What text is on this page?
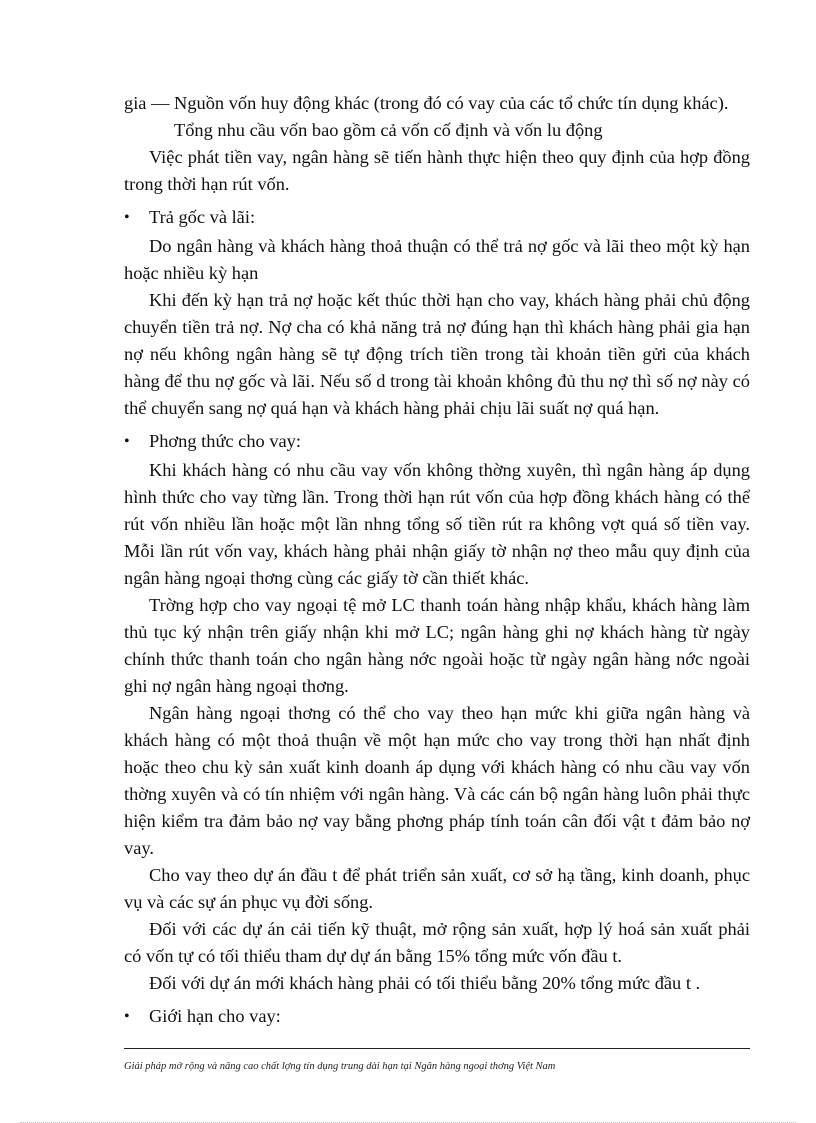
gia — Nguồn vốn huy động khác (trong đó có vay của các tổ chức tín dụng khác).

Tổng nhu cầu vốn bao gồm cả vốn cố định và vốn lu động

Việc phát tiền vay, ngân hàng sẽ tiến hành thực hiện theo quy định của hợp đồng trong thời hạn rút vốn.

•	Trả gốc và lãi:

Do ngân hàng và khách hàng thoả thuận có thể trả nợ gốc và lãi theo một kỳ hạn hoặc nhiều kỳ hạn

Khi đến kỳ hạn trả nợ hoặc kết thúc thời hạn cho vay, khách hàng phải chủ động chuyển tiền trả nợ. Nợ cha có khả năng trả nợ đúng hạn thì khách hàng phải gia hạn nợ nếu không ngân hàng sẽ tự động trích tiền trong tài khoản tiền gửi của khách hàng để thu nợ gốc và lãi. Nếu số d trong tài khoản không đủ thu nợ thì số nợ này có thể chuyển sang nợ quá hạn và khách hàng phải chịu lãi suất nợ quá hạn.

•	Phơng thức cho vay:

Khi khách hàng có nhu cầu vay vốn không thờng xuyên, thì ngân hàng áp dụng hình thức cho vay từng lần. Trong thời hạn rút vốn của hợp đồng khách hàng có thể rút vốn nhiều lần hoặc một lần nhng tổng số tiền rút ra không vợt quá số tiền vay. Mỗi lần rút vốn vay, khách hàng phải nhận giấy tờ nhận nợ theo mẫu quy định của ngân hàng ngoại thơng cùng các giấy tờ cần thiết khác.

Trờng hợp cho vay ngoại tệ mở LC thanh toán hàng nhập khẩu, khách hàng làm thủ tục ký nhận trên giấy nhận khi mở LC; ngân hàng ghi nợ khách hàng từ ngày chính thức thanh toán cho ngân hàng nớc ngoài hoặc từ ngày ngân hàng nớc ngoài ghi nợ ngân hàng ngoại thơng.

Ngân hàng ngoại thơng có thể cho vay theo hạn mức khi giữa ngân hàng và khách hàng có một thoả thuận về một hạn mức cho vay trong thời hạn nhất định hoặc theo chu kỳ sản xuất kinh doanh áp dụng với khách hàng có nhu cầu vay vốn thờng xuyên và có tín nhiệm với ngân hàng. Và các cán bộ ngân hàng luôn phải thực hiện kiểm tra đảm bảo nợ vay bằng phơng pháp tính toán cân đối vật t đảm bảo nợ vay.

Cho vay theo dự án đầu t để phát triển sản xuất, cơ sở hạ tầng, kinh doanh, phục vụ và các sự án phục vụ đời sống.

Đối với các dự án cải tiến kỹ thuật, mở rộng sản xuất, hợp lý hoá sản xuất phải có vốn tự có tối thiểu tham dự dự án bằng 15% tổng mức vốn đầu t.

Đối với dự án mới khách hàng phải có tối thiểu bằng 20% tổng mức đầu t .

•	Giới hạn cho vay:
Giải pháp mở rộng và nâng cao chất lợng tín dụng trung dài hạn tại Ngân hàng ngoại thơng Việt Nam
